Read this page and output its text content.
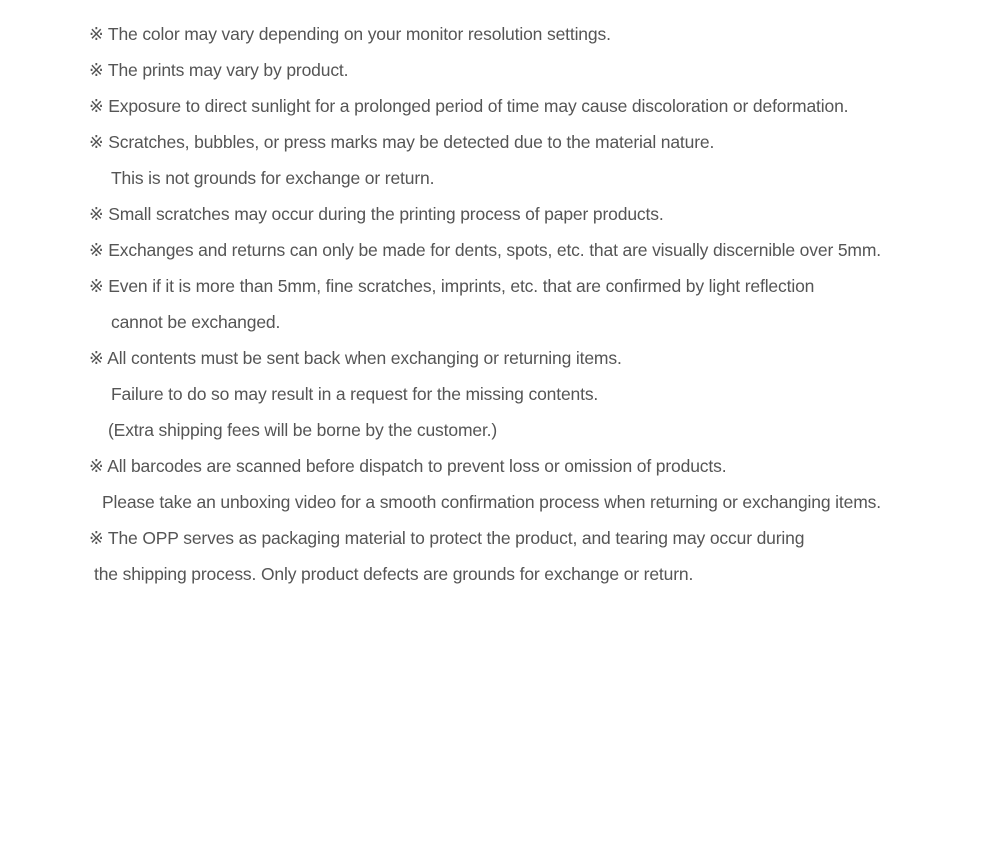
※ The color may vary depending on your monitor resolution settings.
※ The prints may vary by product.
※ Exposure to direct sunlight for a prolonged period of time may cause discoloration or deformation.
※ Scratches, bubbles, or press marks may be detected due to the material nature.
This is not grounds for exchange or return.
※ Small scratches may occur during the printing process of paper products.
※ Exchanges and returns can only be made for dents, spots, etc. that are visually discernible over 5mm.
※ Even if it is more than 5mm, fine scratches, imprints, etc. that are confirmed by light reflection
cannot be exchanged.
※ All contents must be sent back when exchanging or returning items.
Failure to do so may result in a request for the missing contents.
(Extra shipping fees will be borne by the customer.)
※ All barcodes are scanned before dispatch to prevent loss or omission of products.
Please take an unboxing video for a smooth confirmation process when returning or exchanging items.
※ The OPP serves as packaging material to protect the product, and tearing may occur during
the shipping process. Only product defects are grounds for exchange or return.
